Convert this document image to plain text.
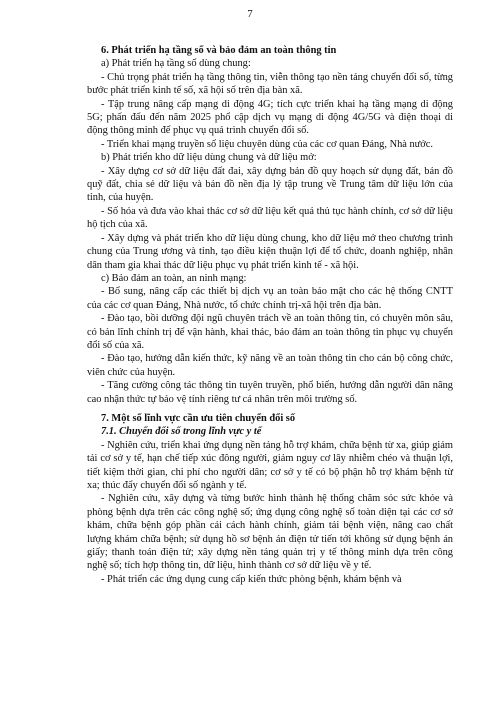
7

6. Phát triển hạ tầng số và bảo đảm an toàn thông tin

a) Phát triển hạ tầng số dùng chung:

- Chủ trọng phát triển hạ tầng thông tin, viễn thông tạo nền tảng chuyển đổi số, từng bước phát triển kinh tế số, xã hội số trên địa bàn xã.

- Tập trung nâng cấp mạng di động 4G; tích cực triển khai hạ tầng mạng di động 5G; phấn đấu đến năm 2025 phổ cập dịch vụ mạng di động 4G/5G và điện thoại di động thông minh để phục vụ quá trình chuyển đổi số.

- Triển khai mạng truyền số liệu chuyên dùng của các cơ quan Đảng, Nhà nước.

b) Phát triển kho dữ liệu dùng chung và dữ liệu mở:

- Xây dựng cơ sở dữ liệu đất đai, xây dựng bản đồ quy hoạch sử dụng đất, bản đồ quỹ đất, chia sẻ dữ liệu và bản đồ nền địa lý tập trung về Trung tâm dữ liệu lớn của tỉnh, của huyện.

- Số hóa và đưa vào khai thác cơ sở dữ liệu kết quả thủ tục hành chính, cơ sở dữ liệu hộ tịch của xã.

- Xây dựng và phát triển kho dữ liệu dùng chung, kho dữ liệu mở theo chương trình chung của Trung ương và tỉnh, tạo điều kiện thuận lợi để tổ chức, doanh nghiệp, nhân dân tham gia khai thác dữ liệu phục vụ phát triển kinh tế - xã hội.

c) Bảo đảm an toàn, an ninh mạng:

- Bổ sung, nâng cấp các thiết bị dịch vụ an toàn bảo mật cho các hệ thống CNTT của các cơ quan Đảng, Nhà nước, tổ chức chính trị-xã hội trên địa bàn.

- Đào tạo, bồi dưỡng đội ngũ chuyên trách về an toàn thông tin, có chuyên môn sâu, có bản lĩnh chính trị để vận hành, khai thác, bảo đảm an toàn thông tin phục vụ chuyển đổi số của xã.

- Đào tạo, hướng dẫn kiến thức, kỹ năng về an toàn thông tin cho cán bộ công chức, viên chức của huyện.

- Tăng cường công tác thông tin tuyên truyền, phổ biến, hướng dẫn người dân nâng cao nhận thức tự bảo vệ tính riêng tư cá nhân trên môi trường số.

7. Một số lĩnh vực cần ưu tiên chuyển đổi số

7.1. Chuyển đổi số trong lĩnh vực y tế

- Nghiên cứu, triển khai ứng dụng nền tảng hỗ trợ khám, chữa bệnh từ xa, giúp giảm tải cơ sở y tế, hạn chế tiếp xúc đông người, giảm nguy cơ lây nhiễm chéo và thuận lợi, tiết kiệm thời gian, chi phí cho người dân; cơ sở y tế có bộ phận hỗ trợ khám bệnh từ xa; thúc đẩy chuyển đổi số ngành y tế.

- Nghiên cứu, xây dựng và từng bước hình thành hệ thống chăm sóc sức khỏe và phòng bệnh dựa trên các công nghệ số; ứng dụng công nghệ số toàn diện tại các cơ sở khám, chữa bệnh góp phần cải cách hành chính, giảm tải bệnh viện, nâng cao chất lượng khám chữa bệnh; sử dụng hồ sơ bệnh án điện tử tiến tới không sử dụng bệnh án giấy; thanh toán điện tử; xây dựng nền tảng quản trị y tế thông minh dựa trên công nghệ số; tích hợp thông tin, dữ liệu, hình thành cơ sở dữ liệu về y tế.

- Phát triển các ứng dụng cung cấp kiến thức phòng bệnh, khám bệnh và
